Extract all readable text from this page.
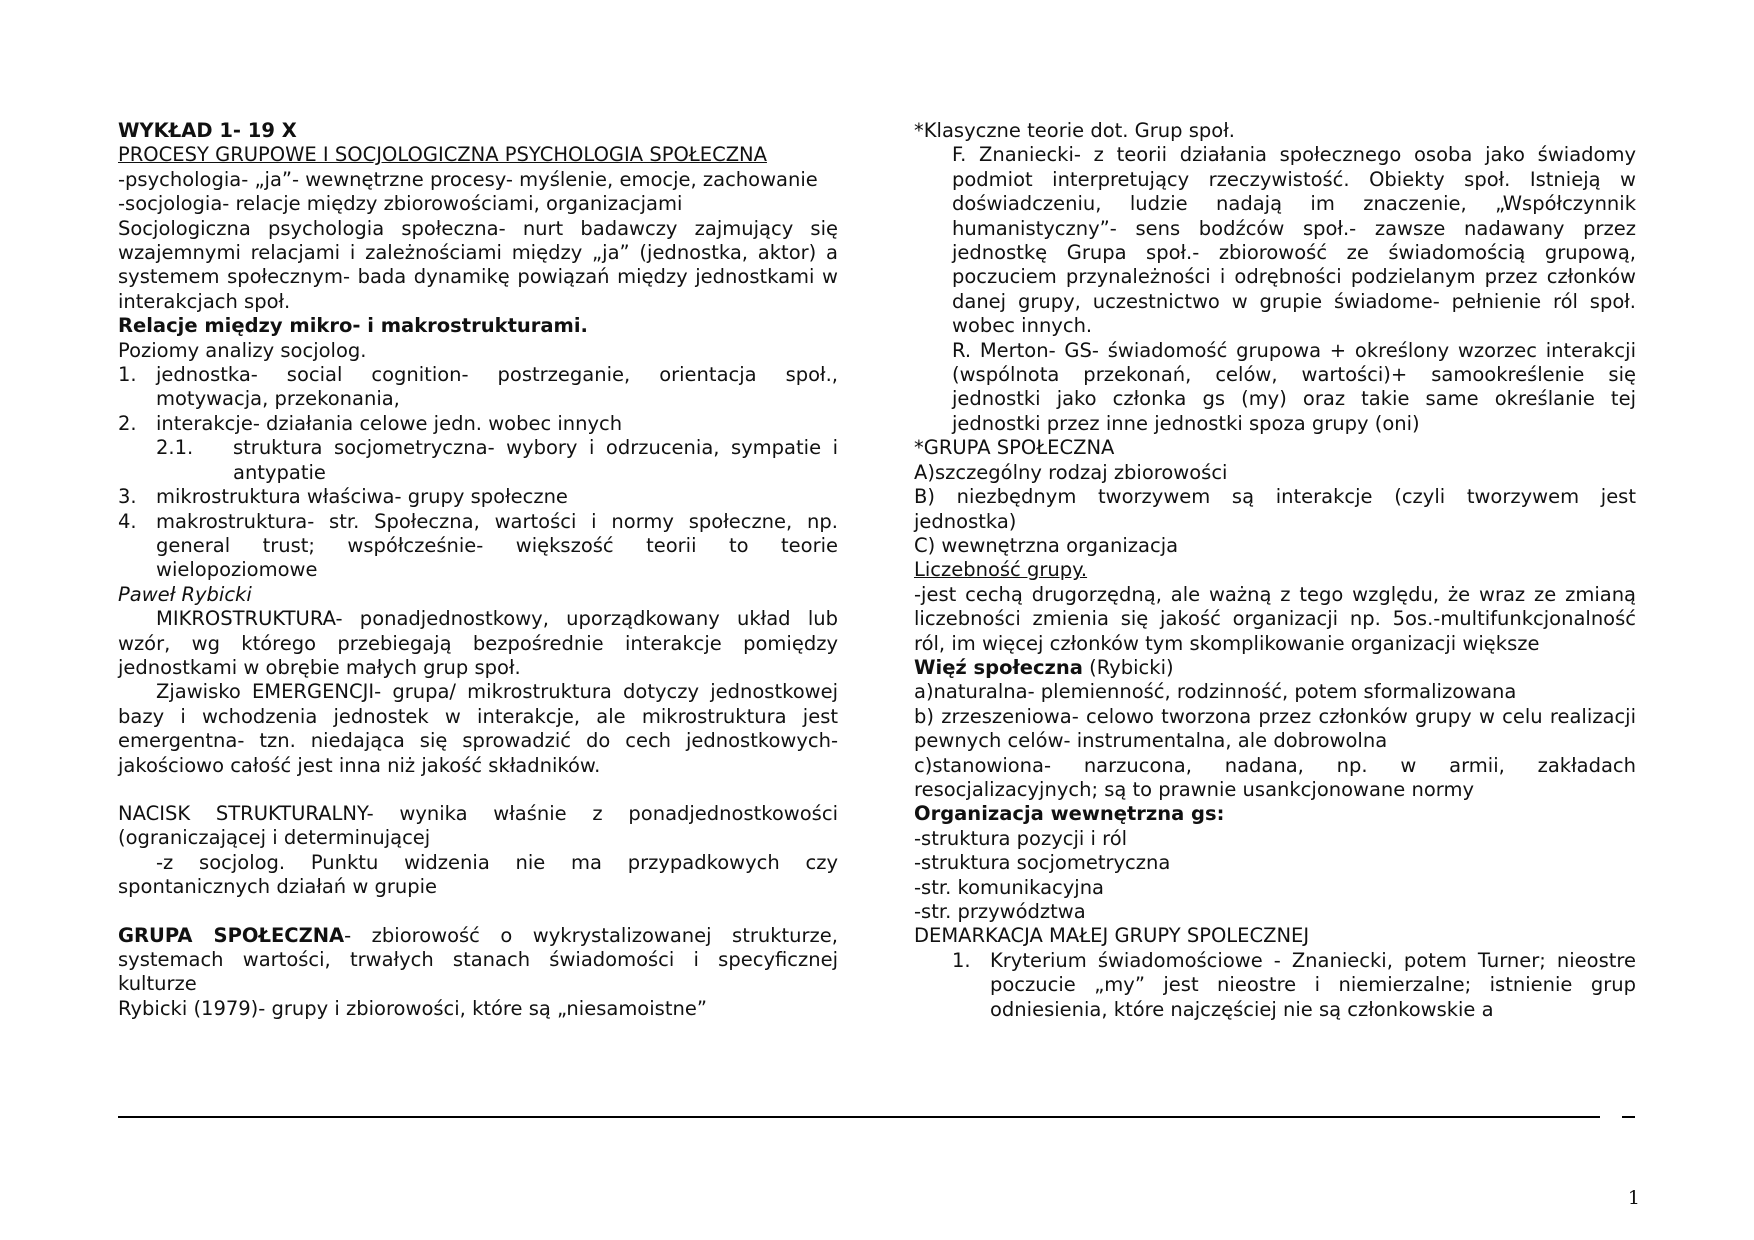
WYKŁAD 1- 19 X

PROCESY GRUPOWE I SOCJOLOGICZNA PSYCHOLOGIA SPOŁECZNA

-psychologia- „ja”- wewnętrzne procesy- myślenie, emocje, zachowanie

-socjologia- relacje między zbiorowościami, organizacjami

Socjologiczna psychologia społeczna- nurt badawczy zajmujący się wzajemnymi relacjami i zależnościami między „ja” (jednostka, aktor) a systemem społecznym- bada dynamikę powiązań między jednostkami w interakcjach społ.

Relacje między mikro- i makrostrukturami.

Poziomy analizy socjolog.

1. jednostka- social cognition- postrzeganie, orientacja społ., motywacja, przekonania,
2. interakcje- działania celowe jedn. wobec innych
2.1.	struktura socjometryczna- wybory i odrzucenia, sympatie i antypatie
3. mikrostruktura właściwa- grupy społeczne
4. makrostruktura- str. Społeczna, wartości i normy społeczne, np. general trust; współcześnie- większość teorii to teorie wielopoziomowe

Paweł Rybicki

MIKROSTRUKTURA- ponadjednostkowy, uporządkowany układ lub wzór, wg którego przebiegają bezpośrednie interakcje pomiędzy jednostkami w obrębie małych grup społ.

Zjawisko EMERGENCJI- grupa/ mikrostruktura dotyczy jednostkowej bazy i wchodzenia jednostek w interakcje, ale mikrostruktura jest emergentna- tzn. niedająca się sprowadzić do cech jednostkowych- jakościowo całość jest inna niż jakość składników.

NACISK STRUKTURALNY- wynika właśnie z ponadjednostkowości (ograniczającej i determinującej

-z socjolog. Punktu widzenia nie ma przypadkowych czy spontanicznych działań w grupie

GRUPA SPOŁECZNA- zbiorowość o wykrystalizowanej strukturze, systemach wartości, trwałych stanach świadomości i specyficznej kulturze

Rybicki (1979)- grupy i zbiorowości, które są „niesamoistne”

*Klasyczne teorie dot. Grup społ.

F. Znaniecki- z teorii działania społecznego osoba jako świadomy podmiot interpretujący rzeczywistość. Obiekty społ. Istnieją w doświadczeniu, ludzie nadają im znaczenie, „Współczynnik humanistyczny”- sens bodźców społ.- zawsze nadawany przez jednostkę Grupa społ.- zbiorowość ze świadomością grupową, poczuciem przynależności i odrębności podzielanym przez członków danej grupy, uczestnictwo w grupie świadome- pełnienie ról społ. wobec innych.

R. Merton- GS- świadomość grupowa + określony wzorzec interakcji (wspólnota przekonań, celów, wartości)+ samookreślenie się jednostki jako członka gs (my) oraz takie same określanie tej jednostki przez inne jednostki spoza grupy (oni)

*GRUPA SPOŁECZNA

A)szczególny rodzaj zbiorowości

B) niezbędnym tworzywem są interakcje (czyli tworzywem jest jednostka)

C) wewnętrzna organizacja

Liczebność grupy.

-jest cechą drugorzędną, ale ważną z tego względu, że wraz ze zmianą liczebności zmienia się jakość organizacji np. 5os.-multifunkcjonalność ról, im więcej członków tym skomplikowanie organizacji większe

Więź społeczna (Rybicki)

a)naturalna- plemienność, rodzinność, potem sformalizowana

b) zrzeszeniowa- celowo tworzona przez członków grupy w celu realizacji pewnych celów- instrumentalna, ale dobrowolna

c)stanowiona- narzucona, nadana, np. w armii, zakładach resocjalizacyjnych; są to prawnie usankcjonowane normy

Organizacja wewnętrzna gs:

-struktura pozycji i ról

-struktura socjometryczna

-str. komunikacyjna

-str. przywództwa

DEMARKACJA MAŁEJ GRUPY SPOLECZNEJ

1. Kryterium świadomościowe - Znaniecki, potem Turner; nieostre poczucie „my” jest nieostre i niemierzalne; istnienie grup odniesienia, które najczęściej nie są członkowskie a
1
